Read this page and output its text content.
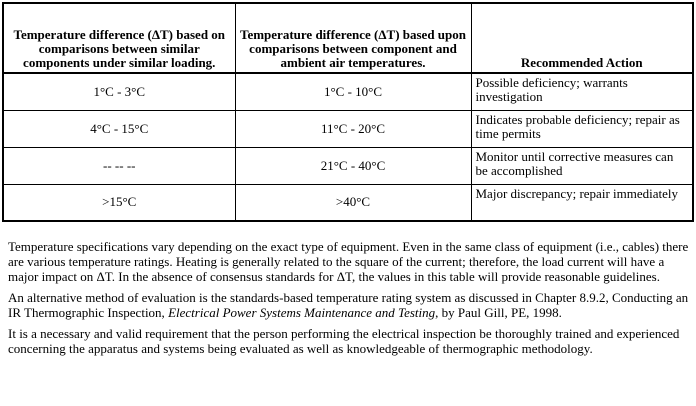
Temperature difference (ΔT) based on comparisons between similar components under similar loading.	Temperature difference (ΔT) based upon comparisons between component and ambient air temperatures.	Recommended Action
1°C - 3°C	1°C - 10°C	Possible deficiency; warrants investigation
4°C - 15°C	11°C - 20°C	Indicates probable deficiency; repair as time permits
-- -- --	21°C - 40°C	Monitor until corrective measures can be accomplished
>15°C	>40°C	Major discrepancy; repair immediately

Temperature specifications vary depending on the exact type of equipment. Even in the same class of equipment (i.e., cables) there are various temperature ratings. Heating is generally related to the square of the current; therefore, the load current will have a major impact on ΔT. In the absence of consensus standards for ΔT, the values in this table will provide reasonable guidelines.

An alternative method of evaluation is the standards-based temperature rating system as discussed in Chapter 8.9.2, Conducting an IR Thermographic Inspection, Electrical Power Systems Maintenance and Testing, by Paul Gill, PE, 1998.

It is a necessary and valid requirement that the person performing the electrical inspection be thoroughly trained and experienced concerning the apparatus and systems being evaluated as well as knowledgeable of thermographic methodology.
